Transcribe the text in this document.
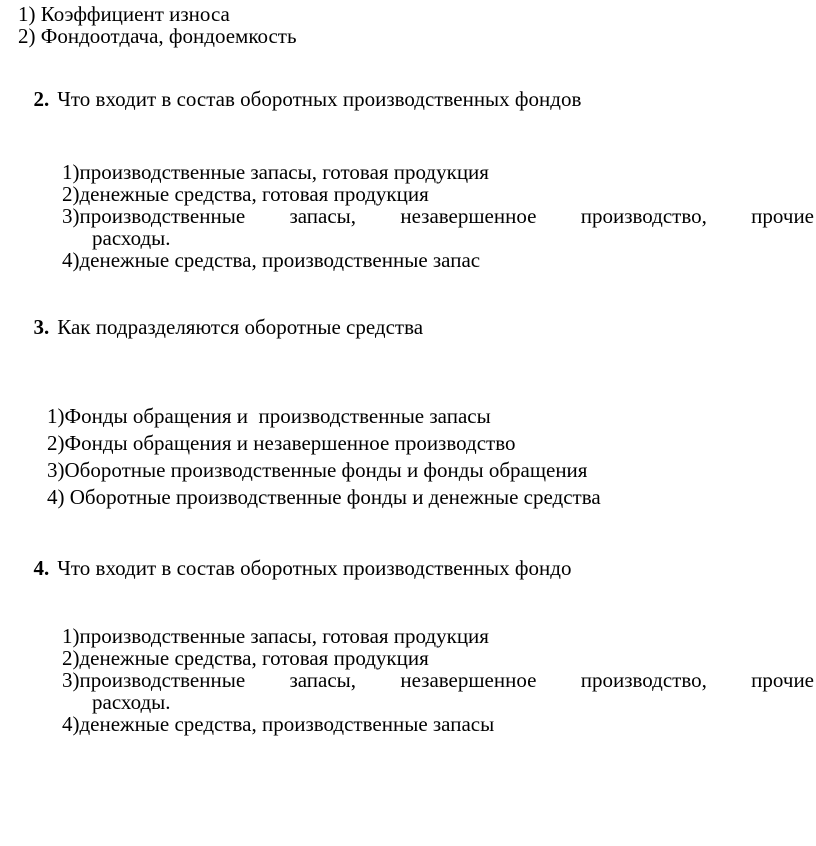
1) Коэффициент износа
2) Фондоотдача, фондоемкость

2. Что входит в состав оборотных производственных фондов

1)производственные запасы, готовая продукция
2)денежные средства, готовая продукция
3)производственные запасы, незавершенное производство, прочие
расходы.
4)денежные средства, производственные запас

3. Как подразделяются оборотные средства

1)Фонды обращения и  производственные запасы
2)Фонды обращения и незавершенное производство
3)Оборотные производственные фонды и фонды обращения
4) Оборотные производственные фонды и денежные средства

4. Что входит в состав оборотных производственных фондо

1)производственные запасы, готовая продукция
2)денежные средства, готовая продукция
3)производственные запасы, незавершенное производство, прочие
расходы.
4)денежные средства, производственные запасы
